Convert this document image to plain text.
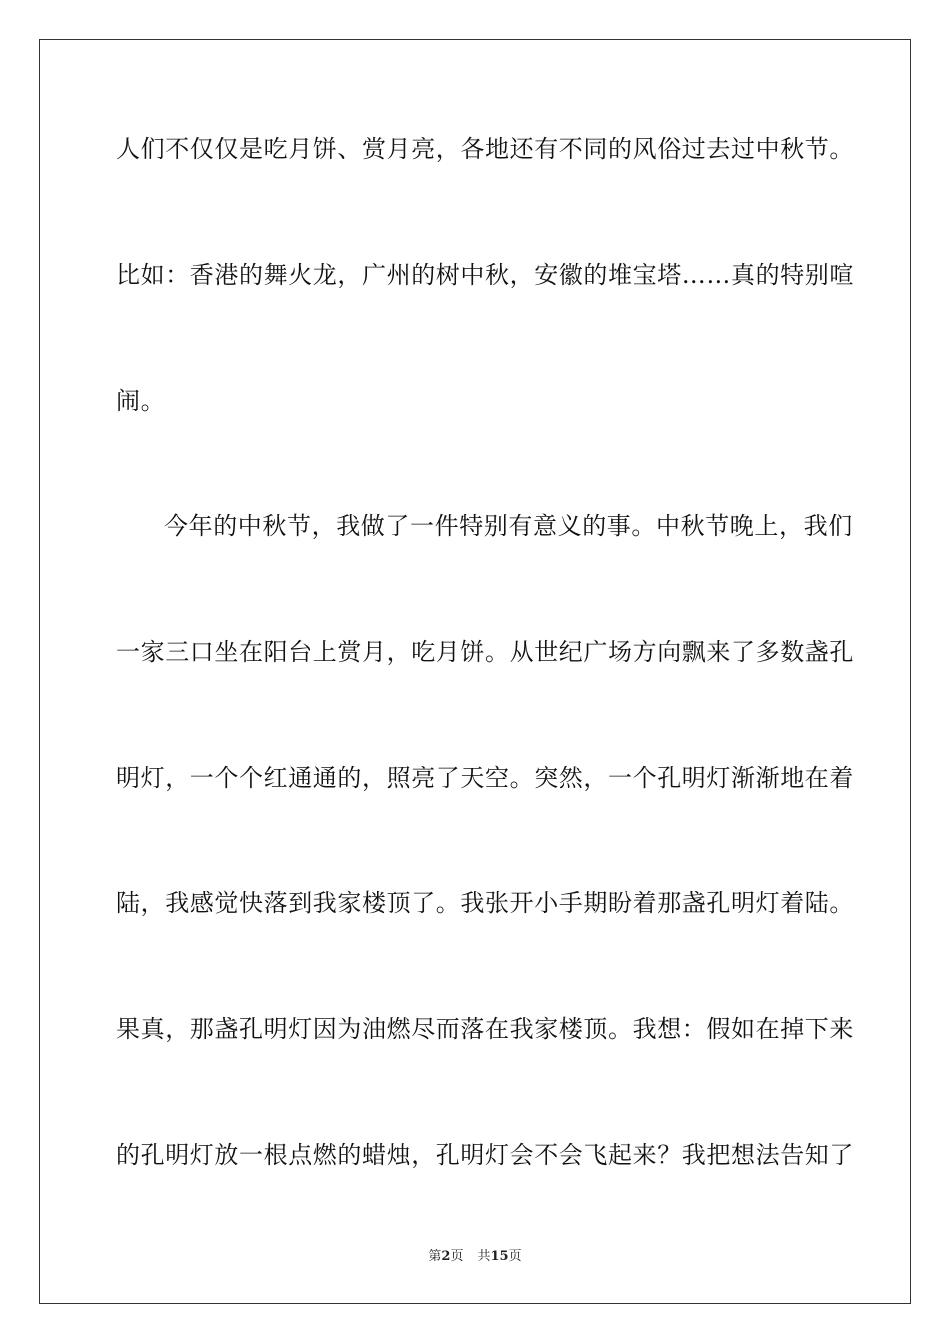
人们不仅仅是吃月饼、赏月亮，各地还有不同的风俗过去过中秋节。
比如：香港的舞火龙，广州的树中秋，安徽的堆宝塔……真的特别喧
闹。
今年的中秋节，我做了一件特别有意义的事。中秋节晚上，我们
一家三口坐在阳台上赏月，吃月饼。从世纪广场方向飘来了多数盏孔
明灯，一个个红通通的，照亮了天空。突然，一个孔明灯渐渐地在着
陆，我感觉快落到我家楼顶了。我张开小手期盼着那盏孔明灯着陆。
果真，那盏孔明灯因为油燃尽而落在我家楼顶。我想：假如在掉下来
的孔明灯放一根点燃的蜡烛，孔明灯会不会飞起来？我把想法告知了
第2页 共15页
